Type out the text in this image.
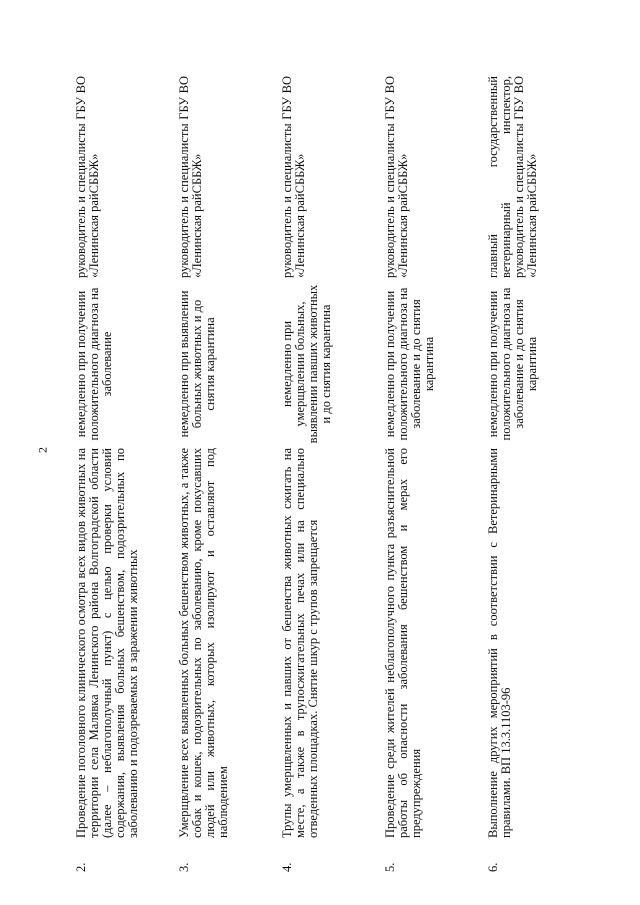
2
2.	Проведение поголовного клинического осмотра всех видов животных на территории села Малявка Ленинского района Волгоградской области (далее – неблагополучный пункт) с целью проверки условий содержания, выявления больных бешенством, подозрительных по заболеванию и подозреваемых в заражении животных	немедленно при получении положительного диагноза на заболевание	руководитель и специалисты ГБУ ВО «Ленинская райСББЖ»

3.	Умерщвление всех выявленных больных бешенством животных, а также собак и кошек, подозрительных по заболеванию, кроме покусавших людей или животных, которых изолируют и оставляют под наблюдением	немедленно при выявлении больных животных и до снятия карантина	руководитель и специалисты ГБУ ВО «Ленинская райСББЖ»

4.	Трупы умерщвленных и павших от бешенства животных сжигать на месте, а также в трупосжигательных печах или на специально отведенных площадках. Снятие шкур с трупов запрещается	немедленно при умерщвлении больных, выявлении павших животных и до снятия карантина	руководитель и специалисты ГБУ ВО «Ленинская райСББЖ»

5.	Проведение среди жителей неблагополучного пункта разъяснительной работы об опасности заболевания бешенством и мерах его предупреждения	немедленно при получении положительного диагноза на заболевание и до снятия карантина	руководитель и специалисты ГБУ ВО «Ленинская райСББЖ»

6.	Выполнение других мероприятий в соответствии с Ветеринарными правилами. ВП 13.3.1103-96	немедленно при получении положительного диагноза на заболевание и до снятия карантина	главный государственный ветеринарный инспектор, руководитель и специалисты ГБУ ВО «Ленинская райСББЖ»
